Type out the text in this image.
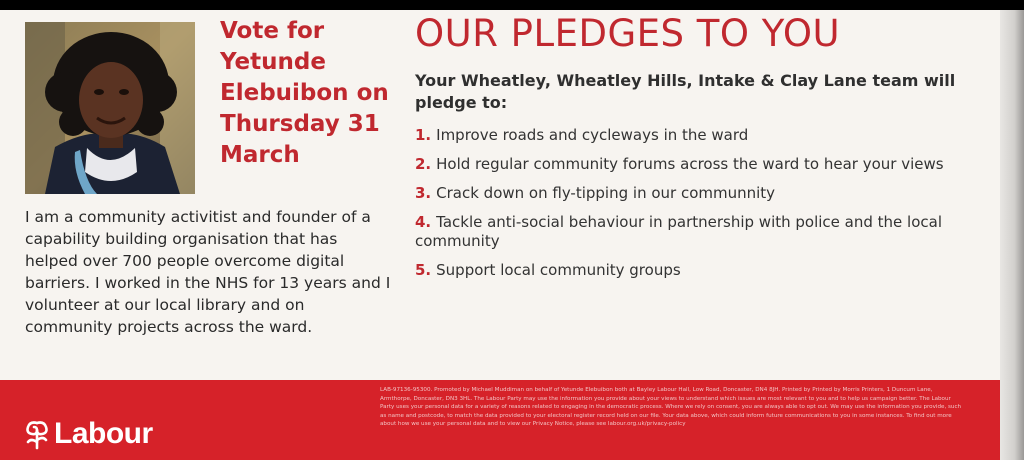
Vote for Yetunde Elebuibon on Thursday 31 March
I am a community activitist and founder of a capability building organisation that has helped over 700 people overcome digital barriers. I worked in the NHS for 13 years and I volunteer at our local library and on community projects across the ward.
OUR PLEDGES TO YOU
Your Wheatley, Wheatley Hills, Intake & Clay Lane team will pledge to:
1. Improve roads and cycleways in the ward
2. Hold regular community forums across the ward to hear your views
3. Crack down on fly-tipping in our communnity
4. Tackle anti-social behaviour in partnership with police and the local community
5. Support local community groups
Labour
LAB-97136-95300. Promoted by Michael Muddiman on behalf of Yetunde Elebuibon both at Bayley Labour Hall, Low Road, Doncaster, DN4 8JH. Printed by Printed by Morris Printers, 1 Duncum Lane, Armthorpe, Doncaster, DN3 3HL. The Labour Party may use the information you provide about your views to understand which issues are most relevant to you and to help us campaign better. The Labour Party uses your personal data for a variety of reasons related to engaging in the democratic process. Where we rely on consent, you are always able to opt out. We may use the information you provide, such as name and postcode, to match the data provided to your electoral register record held on our file. Your data above, which could inform future communications to you in some instances. To find out more about how we use your personal data and to view our Privacy Notice, please see labour.org.uk/privacy-policy
